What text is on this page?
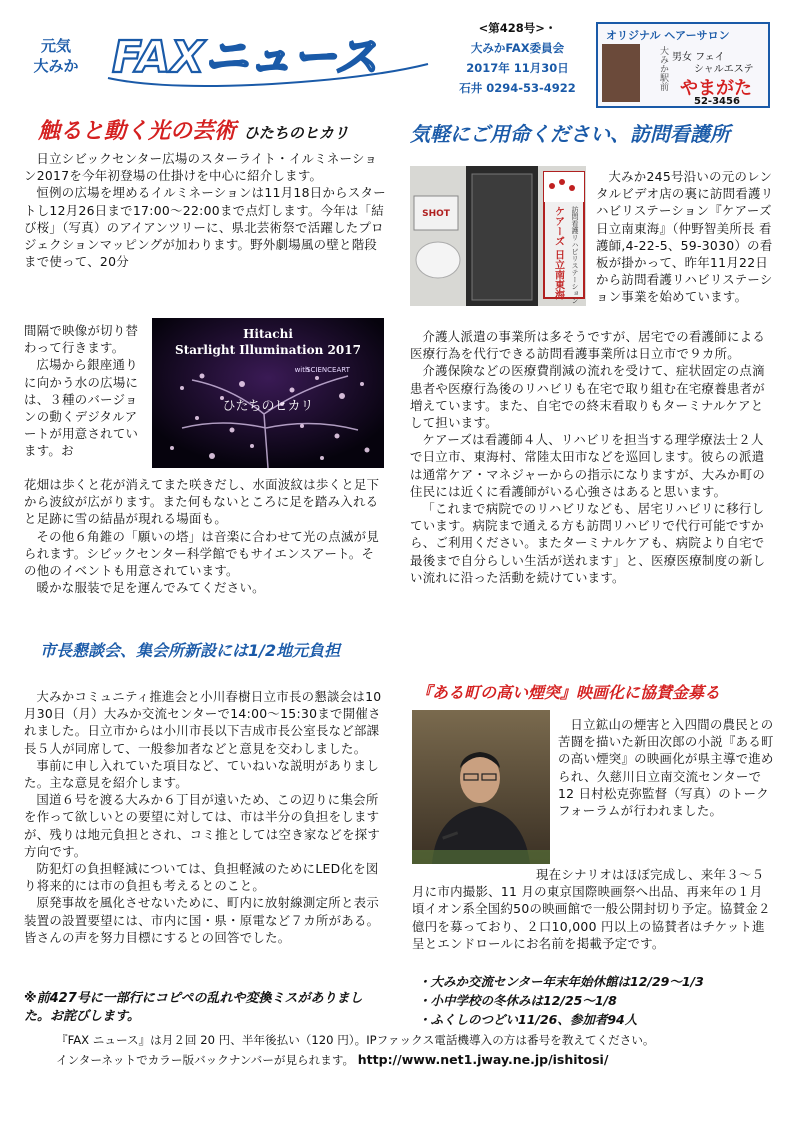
元気
大みか FAXニュース
<第428号>・
大みかFAX委員会
2017年 11月30日
石井 0294-53-4922
オリジナル ヘアーサロン
大みか駅前 男女 フェイ
シャルエステ
やまがた
52-3456
触ると動く光の芸術 ひたちのヒカリ

日立シビックセンター広場のスターライト・イルミネーション2017を今年初登場の仕掛けを中心に紹介します。

恒例の広場を埋めるイルミネーションは11月18日からスタートし12月26日まで17:00～22:00まで点灯します。今年は「結び桜」（写真）のアイアンツリーに、県北芸術祭で活躍したプロジェクションマッピングが加わります。野外劇場風の壁と階段まで使って、20分

間隔で映像が切り替わって行きます。

広場から銀座通りに向かう水の広場には、３種のバージョンの動くデジタルアートが用意されています。お

Hitachi
Starlight Illumination 2017
with
SCIENCEART
ひたちのヒカリ

花畑は歩くと花が消えてまた咲きだし、水面波紋は歩くと足下から波紋が広がります。また何もないところに足を踏み入れると足跡に雪の結晶が現れる場面も。

その他６角錐の「願いの塔」は音楽に合わせて光の点滅が見られます。シビックセンター科学館でもサイエンスアート。その他のイベントも用意されています。

暖かな服装で足を運んでみてください。

市長懇談会、集会所新設には1/2地元負担

大みかコミュニティ推進会と小川春樹日立市長の懇談会は10月30日（月）大みか交流センターで14:00～15:30まで開催されました。日立市からは小川市長以下吉成市長公室長など部課長５人が同席して、一般参加者などと意見を交わしました。

事前に申し入れていた項目など、ていねいな説明がありました。主な意見を紹介します。

国道６号を渡る大みか６丁目が遠いため、この辺りに集会所を作って欲しいとの要望に対しては、市は半分の負担をしますが、残りは地元負担とされ、コミ推としては空き家などを探す方向です。

防犯灯の負担軽減については、負担軽減のためにLED化を図り将来的には市の負担も考えるとのこと。

原発事故を風化させないために、町内に放射線測定所と表示装置の設置要望には、市内に国・県・原電など７カ所がある。皆さんの声を努力目標にするとの回答でした。

※前427号に一部行にコピペの乱れや変換ミスがありました。お詫びします。
気軽にご用命ください、訪問看護所
SHOT	ケアーズ 日立南東海 訪問看護リハビリステーション

大みか245号沿いの元のレンタルビデオ店の裏に訪問看護リハビリステーション『ケアーズ日立南東海』（仲野智美所長 看護師,4-22-5、59-3030）の看板が掛かって、昨年11月22日から訪問看護リハビリステーション事業を始めています。

介護人派遣の事業所は多そうですが、居宅での看護師による医療行為を代行できる訪問看護事業所は日立市で９カ所。

介護保険などの医療費削減の流れを受けて、症状固定の点滴患者や医療行為後のリハビリも在宅で取り組む在宅療養患者が増えています。また、自宅での終末看取りもターミナルケアとして担います。

ケアーズは看護師４人、リハビリを担当する理学療法士２人で日立市、東海村、常陸太田市などを巡回します。彼らの派遣は通常ケア・マネジャーからの指示になりますが、大みか町の住民には近くに看護師がいる心強さはあると思います。

「これまで病院でのリハビリなども、居宅リハビリに移行しています。病院まで通える方も訪問リハビリで代行可能ですから、ご利用ください。またターミナルケアも、病院より自宅で最後まで自分らしい生活が送れます」と、医療医療制度の新しい流れに沿った活動を続けています。

『ある町の高い煙突』映画化に協賛金募る

日立鉱山の煙害と入四間の農民との苦闘を描いた新田次郎の小説『ある町の高い煙突』の映画化が県主導で進められ、久慈川日立南交流センターで 12 日村松克弥監督（写真）のトークフォーラムが行われました。

現在シナリオはほぼ完成し、来年３～５月に市内撮影、11 月の東京国際映画祭へ出品、再来年の１月頃イオン系全国約50の映画館で一般公開封切り予定。協賛金２億円を募っており、２口10,000 円以上の協賛者はチケット進呈とエンドロールにお名前を掲載予定です。

・大みか交流センター年末年始休館は12/29～1/3
・小中学校の冬休みは12/25～1/8
・ふくしのつどい11/26、参加者94人
『FAX ニュース』は月２回 20 円、半年後払い（120 円）。IPファックス電話機導入の方は番号を教えてください。
インターネットでカラー版バックナンバーが見られます。 http://www.net1.jway.ne.jp/ishitosi/
